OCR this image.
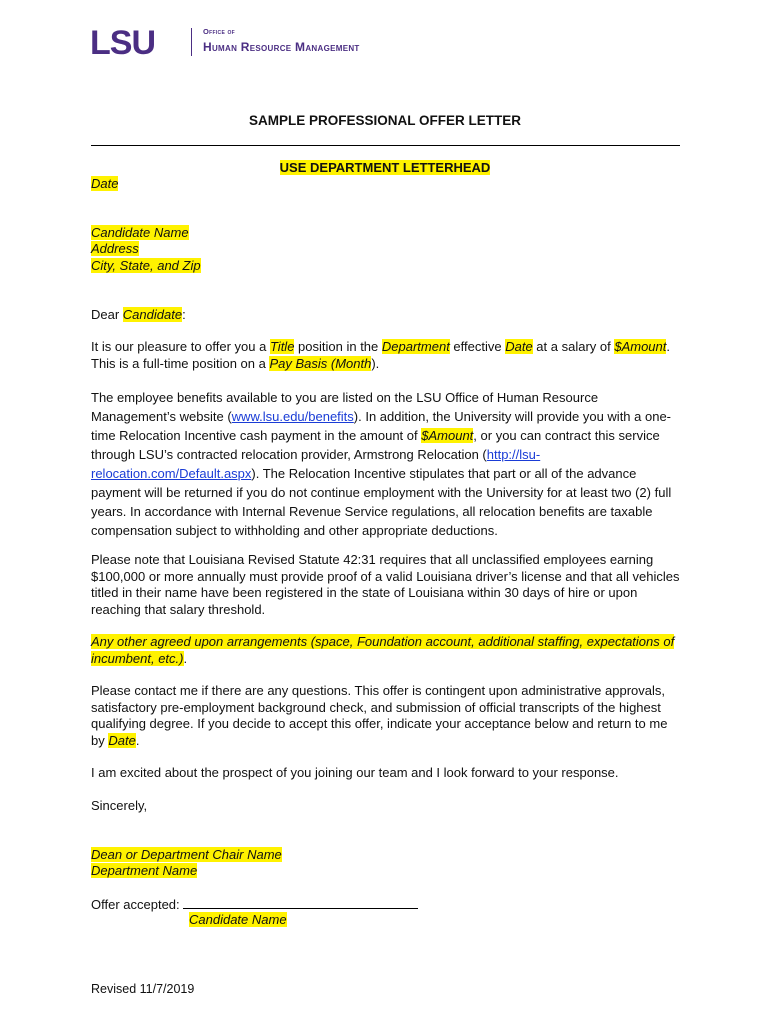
LSU	Office of
Human Resource Management
SAMPLE PROFESSIONAL OFFER LETTER
USE DEPARTMENT LETTERHEAD
Date
Candidate Name
Address
City, State, and Zip
Dear Candidate:

It is our pleasure to offer you a Title position in the Department effective Date at a salary of $Amount. This is a full-time position on a Pay Basis (Month).

The employee benefits available to you are listed on the LSU Office of Human Resource Management’s website (www.lsu.edu/benefits). In addition, the University will provide you with a one-time Relocation Incentive cash payment in the amount of $Amount, or you can contract this service through LSU’s contracted relocation provider, Armstrong Relocation (http://lsu-relocation.com/Default.aspx). The Relocation Incentive stipulates that part or all of the advance payment will be returned if you do not continue employment with the University for at least two (2) full years. In accordance with Internal Revenue Service regulations, all relocation benefits are taxable compensation subject to withholding and other appropriate deductions.

Please note that Louisiana Revised Statute 42:31 requires that all unclassified employees earning $100,000 or more annually must provide proof of a valid Louisiana driver’s license and that all vehicles titled in their name have been registered in the state of Louisiana within 30 days of hire or upon reaching that salary threshold.

Any other agreed upon arrangements (space, Foundation account, additional staffing, expectations of incumbent, etc.).

Please contact me if there are any questions. This offer is contingent upon administrative approvals, satisfactory pre-employment background check, and submission of official transcripts of the highest qualifying degree. If you decide to accept this offer, indicate your acceptance below and return to me by Date.

I am excited about the prospect of you joining our team and I look forward to your response.
Sincerely,
Dean or Department Chair Name
Department Name
Offer accepted:
Candidate Name
Revised 11/7/2019
